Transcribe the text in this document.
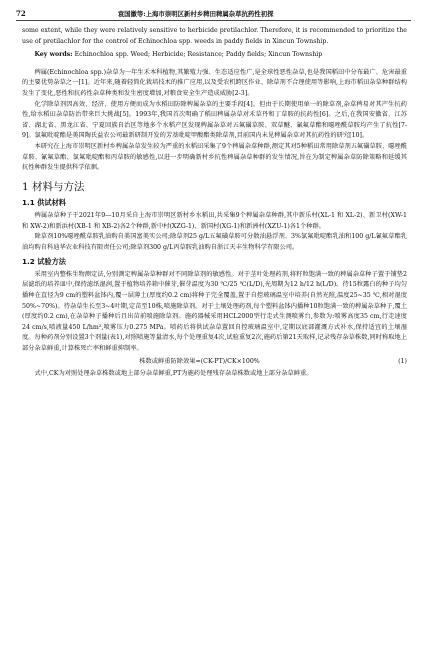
72	袁国徽等:上海市崇明区新村乡稗田稗属杂草抗药性初探

some extent, while they were relatively sensitive to herbicide pretilachlor. Therefore, it is recommended to prioritize the use of pretilachlor for the control of Echinochloa spp. weeds in paddy fields in Xincun Township.

Key words: Echinochloa spp. Weed; Herbicide; Resistance; Paddy fields; Xincun Township

稗属(Echinochloa spp.)杂草为一年生禾本科植物,其繁殖力强、生态适应性广,是全球性恶性杂草,也是我国稻田中分布最广、危害最重的主要优势杂草之一[1]。近年来,随着轻简化栽培技术的推广应用,以及受农机跨区作业、除草剂不合理使用等影响,上海市稻田杂草种群结构发生了变化,恶性和抗药性杂草种类和发生密度增加,对粮食安全生产造成威胁[2-3]。

化学除草剂因高效、经济、使用方便而成为水稻田防除稗属杂草的主要手段[4]。但由于长期使用单一的除草剂,杂草稗易对其产生抗药性,给水稻田杂草防治带来巨大挑战[5]。1993年,我国首次明确了稻田稗属杂草对禾草丹和丁草胺的抗药性[6]。之后,在我国安徽省、江苏省、湖北省、黑龙江省、宁夏回族自治区等地多个水稻产区发现稗属杂草对五氟磺草胺、双草醚、氰氟草酯和噁唑酰草胺均产生了抗性[7-9]。氯氟吡啶酯是美国陶氏益农公司最新研制开发的芳基吡啶甲酸酯类除草剂,目前国内未见稗属杂草对其抗药性的研究[10]。

本研究在上海市崇明区新村乡稗属杂草发生较为严重的水稻田采集了9个稗属杂草种群,测定其对5种稻田常用除草剂五氟磺草胺、噁唑酰草胺、氰氟草酯、氯氟吡啶酯和丙草胺的敏感性,以进一步明确新村乡抗性稗属杂草种群的发生情况,旨在为制定稗属杂草防除策略和延缓其抗性种群发生提供科学依据。

1 材料与方法
1.1 供试材料

稗属杂草种子于2021年9—10月采自上海市崇明区新村乡水稻田,共采集9个稗属杂草种群,其中新乐村(XL-1 和 XL-2)、新卫村(XW-1 和 XW-2)和新浜村(XB-1 和 XB-2)各2个种群,新中村(XZG-1)、新国村(XG-1)和新洲村(XZU-1)各1个种群。

除草剂10%噁唑酰草胺乳油购自美国富美实公司;除草剂25 g/L五氟磺草胺可分散油悬浮剂、3%氯氟吡啶酯乳油和100 g/L氰氟草酯乳油均购自科迪华农业科技有限责任公司;除草剂300 g/L丙草胺乳油购自浙江天丰生物科学有限公司。

1.2 试验方法

采用室内整株生物测定法,分别测定稗属杂草种群对不同除草剂的敏感性。对于茎叶处理药剂,将籽粒饱满一致的稗属杂草种子置于铺垫2层滤纸的培养皿中,保持滤纸湿润,置于植物培养箱中催芽,催芽温度为30 ℃/25 ℃(L/D),光周期为12 h/12 h(L/D)。待15粒露白的种子均匀播种在直径为9 cm的塑料盆钵内,覆一层薄土(厚度约0.2 cm)将种子完全覆盖,置于自控玻璃温室中培养(自然光照,温度25~35 ℃,相对湿度50%~70%)。待杂草生长至3~4叶期,定苗至10株,喷施除草剂。对于土壤处理药剂,每个塑料盆钵内播种10粒饱满一致的稗属杂草种子,覆土(厚度约0.2 cm),在杂草种子播种后且出苗前喷施除草剂。施药器械采用HCL2000型行走式生测喷雾台,参数为:喷雾高度35 cm,行走速度24 cm/s,喷液量450 L/hm²,喷雾压力0.275 MPa。喷药后将供试杂草置回自控玻璃温室中,定期以底部灌溉方式补水,保持适宜的土壤湿度。每种药剂分别设置3个剂量(表1),对照喷施等量清水,每个处理重复4次,试验重复2次,施药后第21天取样,记录残存杂草株数,同时称取地上部分杂草鲜重,计算株死亡率和鲜重抑制率。

株数或鲜重防除效果=(CK-PT)/CK×100%	(1)

式中,CK为对照处理杂草株数或地上部分杂草鲜重,PT为施药处理残存杂草株数或地上部分杂草鲜重。
